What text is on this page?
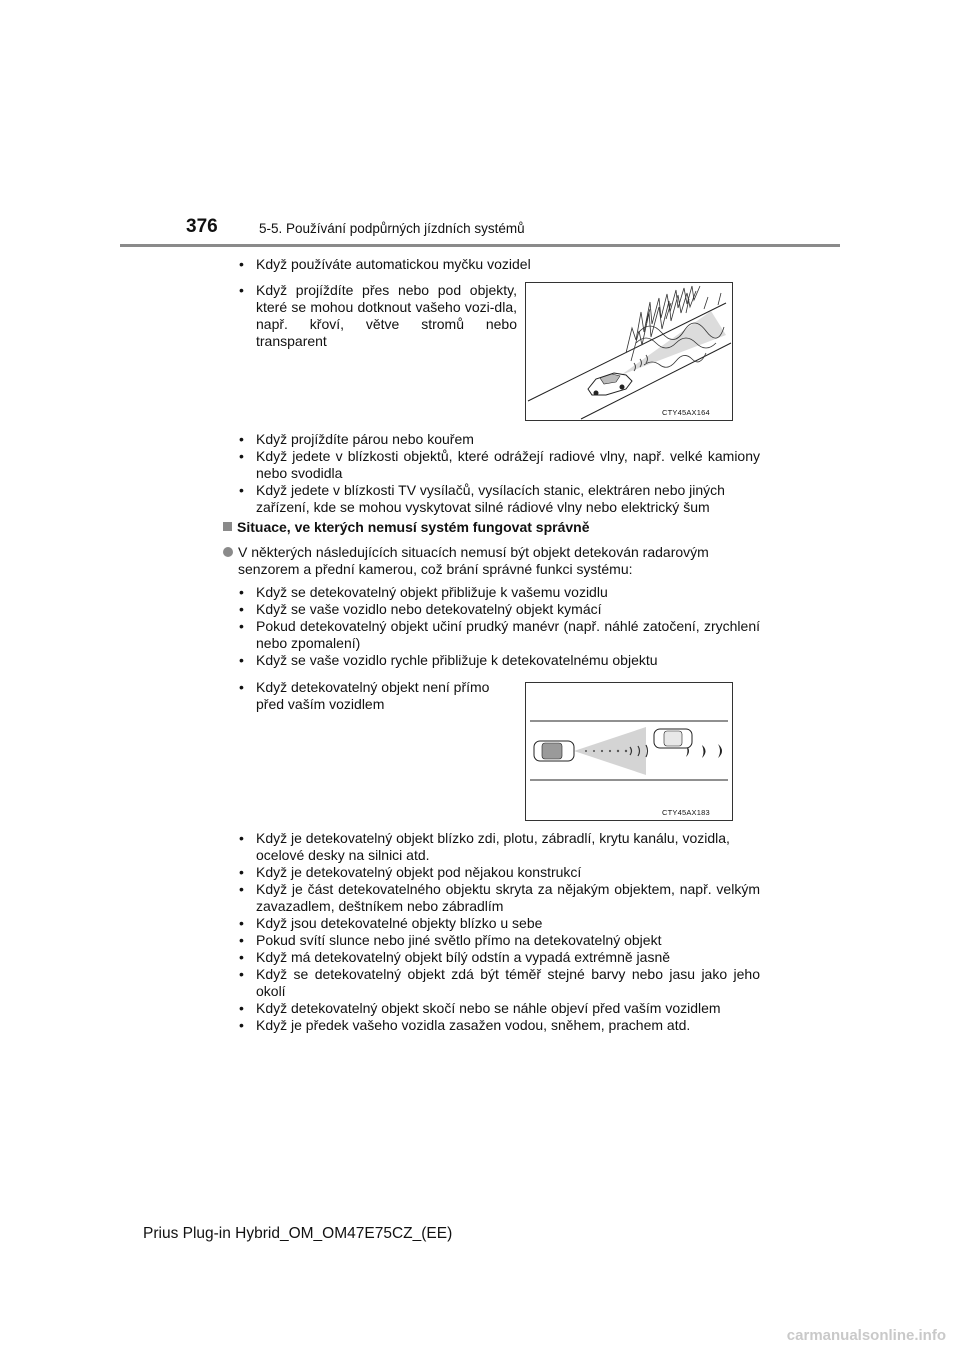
376	5-5. Používání podpůrných jízdních systémů
• Když používáte automatickou myčku vozidel
• Když projíždíte přes nebo pod objekty, které se mohou dotknout vašeho vozi-dla, např. křoví, větve stromů nebo transparent
CTY45AX164
• Když projíždíte párou nebo kouřem
• Když jedete v blízkosti objektů, které odrážejí radiové vlny, např. velké kamiony nebo svodidla
• Když jedete v blízkosti TV vysílačů, vysílacích stanic, elektráren nebo jiných zařízení, kde se mohou vyskytovat silné rádiové vlny nebo elektrický šum
Situace, ve kterých nemusí systém fungovat správně
V některých následujících situacích nemusí být objekt detekován radarovým senzorem a přední kamerou, což brání správné funkci systému:
• Když se detekovatelný objekt přibližuje k vašemu vozidlu
• Když se vaše vozidlo nebo detekovatelný objekt kymácí
• Pokud detekovatelný objekt učiní prudký manévr (např. náhlé zatočení, zrychlení nebo zpomalení)
• Když se vaše vozidlo rychle přibližuje k detekovatelnému objektu
• Když detekovatelný objekt není přímo před vaším vozidlem
CTY45AX183
• Když je detekovatelný objekt blízko zdi, plotu, zábradlí, krytu kanálu, vozidla, ocelové desky na silnici atd.
• Když je detekovatelný objekt pod nějakou konstrukcí
• Když je část detekovatelného objektu skryta za nějakým objektem, např. velkým zavazadlem, deštníkem nebo zábradlím
• Když jsou detekovatelné objekty blízko u sebe
• Pokud svítí slunce nebo jiné světlo přímo na detekovatelný objekt
• Když má detekovatelný objekt bílý odstín a vypadá extrémně jasně
• Když se detekovatelný objekt zdá být téměř stejné barvy nebo jasu jako jeho okolí
• Když detekovatelný objekt skočí nebo se náhle objeví před vaším vozidlem
• Když je předek vašeho vozidla zasažen vodou, sněhem, prachem atd.
Prius Plug-in Hybrid_OM_OM47E75CZ_(EE)
carmanualsonline.info
